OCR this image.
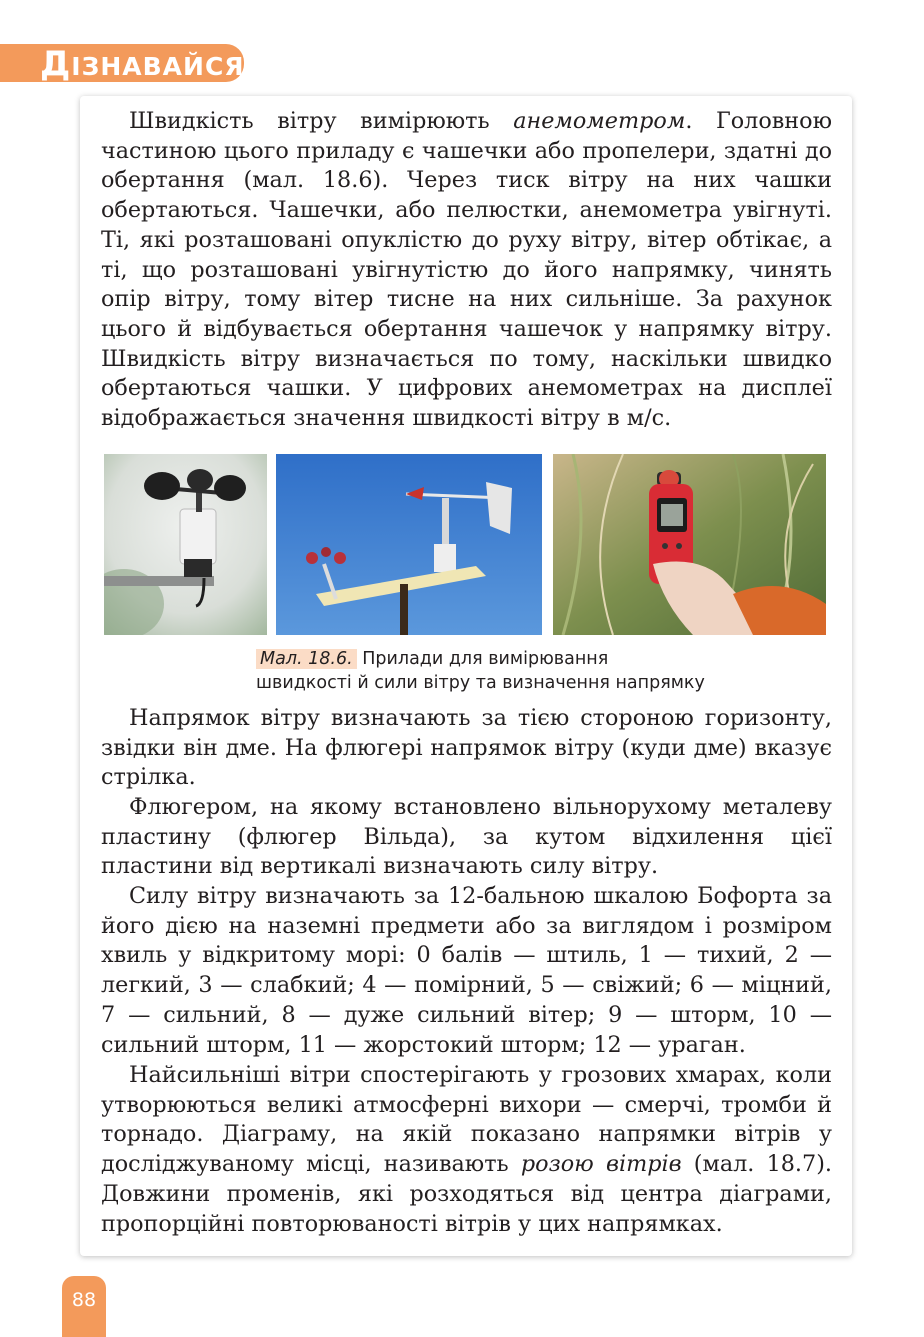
ДІЗНАВАЙСЯ
Швидкість вітру вимірюють анемометром. Головною частиною цього приладу є чашечки або пропелери, здатні до обертання (мал. 18.6). Через тиск вітру на них чашки обертаються. Чашечки, або пелюстки, анемометра увігнуті. Ті, які розташовані опуклістю до руху вітру, вітер обтікає, а ті, що розташовані увігнутістю до його напрямку, чинять опір вітру, тому вітер тисне на них сильніше. За рахунок цього й відбувається обертання чашечок у напрямку вітру. Швидкість вітру визначається по тому, наскільки швидко обертаються чашки. У цифрових анемометрах на дисплеї відображається значення швидкості вітру в м/с.
Мал. 18.6. Прилади для вимірювання
швидкості й сили вітру та визначення напрямку
Напрямок вітру визначають за тією стороною горизонту, звідки він дме. На флюгері напрямок вітру (куди дме) вказує стрілка.
Флюгером, на якому встановлено вільнорухому металеву пластину (флюгер Вільда), за кутом відхилення цієї пластини від вертикалі визначають силу вітру.
Силу вітру визначають за 12-бальною шкалою Бофорта за його дією на наземні предмети або за виглядом і розміром хвиль у відкритому морі: 0 балів — штиль, 1 — тихий, 2 — легкий, 3 — слабкий; 4 — помірний, 5 — свіжий; 6 — міцний, 7 — сильний, 8 — дуже сильний вітер; 9 — шторм, 10 — сильний шторм, 11 — жорстокий шторм; 12 — ураган.
Найсильніші вітри спостерігають у грозових хмарах, коли утворюються великі атмосферні вихори — смерчі, тромби й торнадо. Діаграму, на якій показано напрямки вітрів у досліджуваному місці, називають розою вітрів (мал. 18.7). Довжини променів, які розходяться від центра діаграми, пропорційні повторюваності вітрів у цих напрямках.
88
